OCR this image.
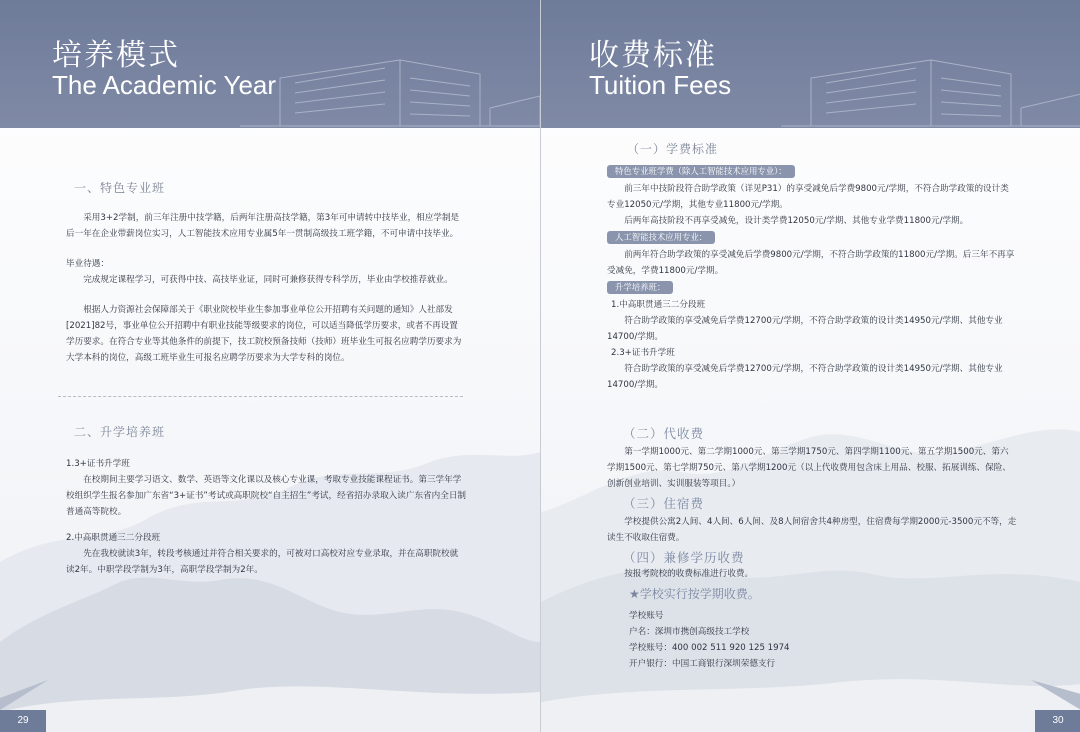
培养模式
The Academic Year
一、特色专业班

采用3+2学制，前三年注册中技学籍，后两年注册高技学籍，第3年可申请转中技毕业，相应学制是后一年在企业带薪岗位实习，人工智能技术应用专业属5年一贯制高级技工班学籍，不可申请中技毕业。

毕业待遇：

完成规定课程学习，可获得中技、高技毕业证，同时可兼修获得专科学历，毕业由学校推荐就业。

根据人力资源社会保障部关于《职业院校毕业生参加事业单位公开招聘有关问题的通知》人社部发[2021]82号，事业单位公开招聘中有职业技能等级要求的岗位，可以适当降低学历要求，或者不再设置学历要求。在符合专业等其他条件的前提下，技工院校预备技师（技师）班毕业生可报名应聘学历要求为大学本科的岗位，高级工班毕业生可报名应聘学历要求为大学专科的岗位。

二、升学培养班

1.3+证书升学班

在校期间主要学习语文、数学、英语等文化课以及核心专业课，考取专业技能课程证书。第三学年学校组织学生报名参加广东省“3+证书”考试或高职院校“自主招生”考试，经省招办录取入读广东省内全日制普通高等院校。

2.中高职贯通三二分段班

先在我校就读3年，转段考核通过并符合相关要求的，可被对口高校对应专业录取，并在高职院校就读2年。中职学段学制为3年，高职学段学制为2年。

29
收费标准
Tuition Fees
（一）学费标准
特色专业班学费（除人工智能技术应用专业）：

前三年中技阶段符合助学政策（详见P31）的享受减免后学费9800元/学期，不符合助学政策的设计类专业12050元/学期，其他专业11800元/学期。

后两年高技阶段不再享受减免，设计类学费12050元/学期、其他专业学费11800元/学期。

人工智能技术应用专业：

前两年符合助学政策的享受减免后学费9800元/学期，不符合助学政策的11800元/学期。后三年不再享受减免，学费11800元/学期。

升学培养班：

1.中高职贯通三二分段班

符合助学政策的享受减免后学费12700元/学期，不符合助学政策的设计类14950元/学期、其他专业14700/学期。

2.3+证书升学班

符合助学政策的享受减免后学费12700元/学期，不符合助学政策的设计类14950元/学期、其他专业14700/学期。

（二）代收费

第一学期1000元、第二学期1000元、第三学期1750元、第四学期1100元、第五学期1500元、第六学期1500元、第七学期750元、第八学期1200元（以上代收费用包含床上用品、校服、拓展训练、保险、创新创业培训、实训服装等项目。）

（三）住宿费

学校提供公寓2人间、4人间、6人间、及8人间宿舍共4种房型，住宿费每学期2000元-3500元不等，走读生不收取住宿费。

（四）兼修学历收费

按报考院校的收费标准进行收费。

★学校实行按学期收费。

学校账号

户名：深圳市携创高级技工学校

学校账号：400 002 511 920 125 1974

开户银行：中国工商银行深圳荣德支行

30
